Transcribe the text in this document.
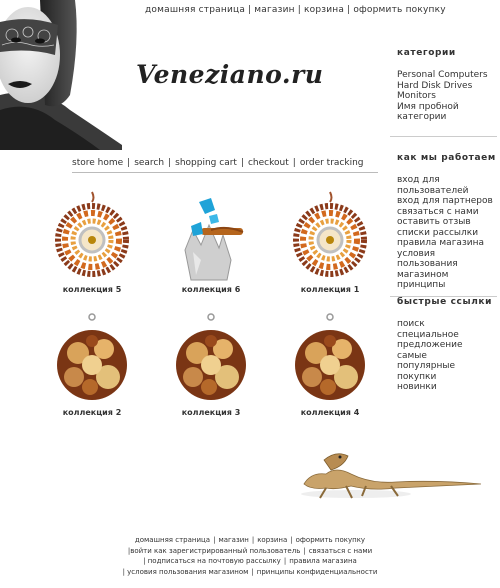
домашняя страница | магазин | корзина | оформить покупку
Veneziano.ru
store home | search | shopping cart | checkout | order tracking
категории
Personal Computers
Hard Disk Drives
Monitors
Имя пробной категории
как мы работаем
вход для пользователей
вход для партнеров
связаться с нами
оставить отзыв
списки рассылки
правила магазина
условия пользования магазином
принципы
быстрые ссылки
поиск
специальное предложение
самые популярные покупки
новинки
коллекция 5	коллекция 6	коллекция 1
коллекция 2	коллекция 3	коллекция 4
домашняя страница | магазин | корзина | оформить покупку
|войти как зарегистрированный пользователь | связаться с нами
| подписаться на почтовую рассылку | правила магазина
| условия пользования магазином | принципы конфиденциальности
